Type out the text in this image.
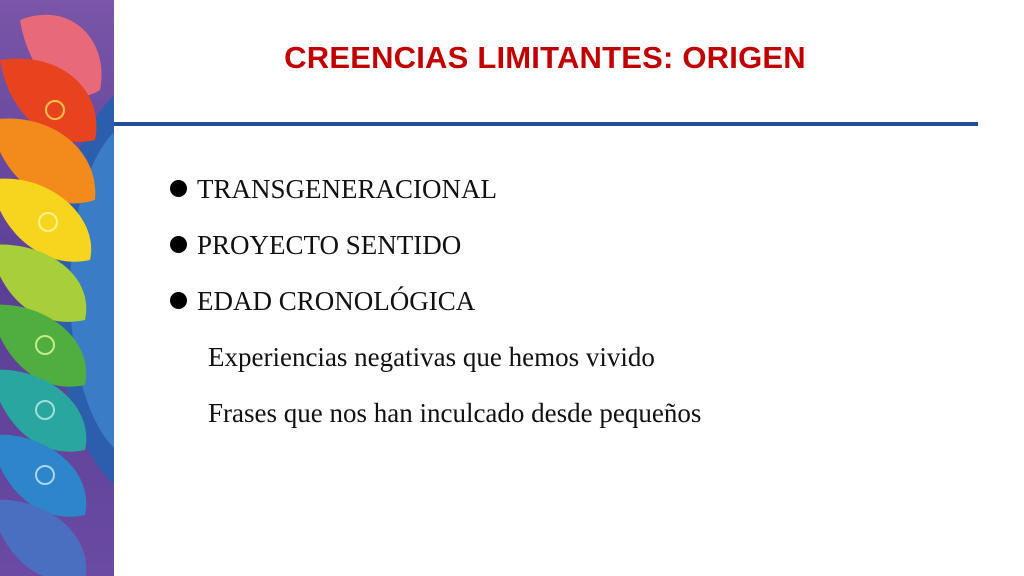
CREENCIAS LIMITANTES: ORIGEN
TRANSGENERACIONAL
PROYECTO SENTIDO
EDAD CRONOLÓGICA
Experiencias negativas que hemos vivido
Frases que nos han inculcado desde pequeños
